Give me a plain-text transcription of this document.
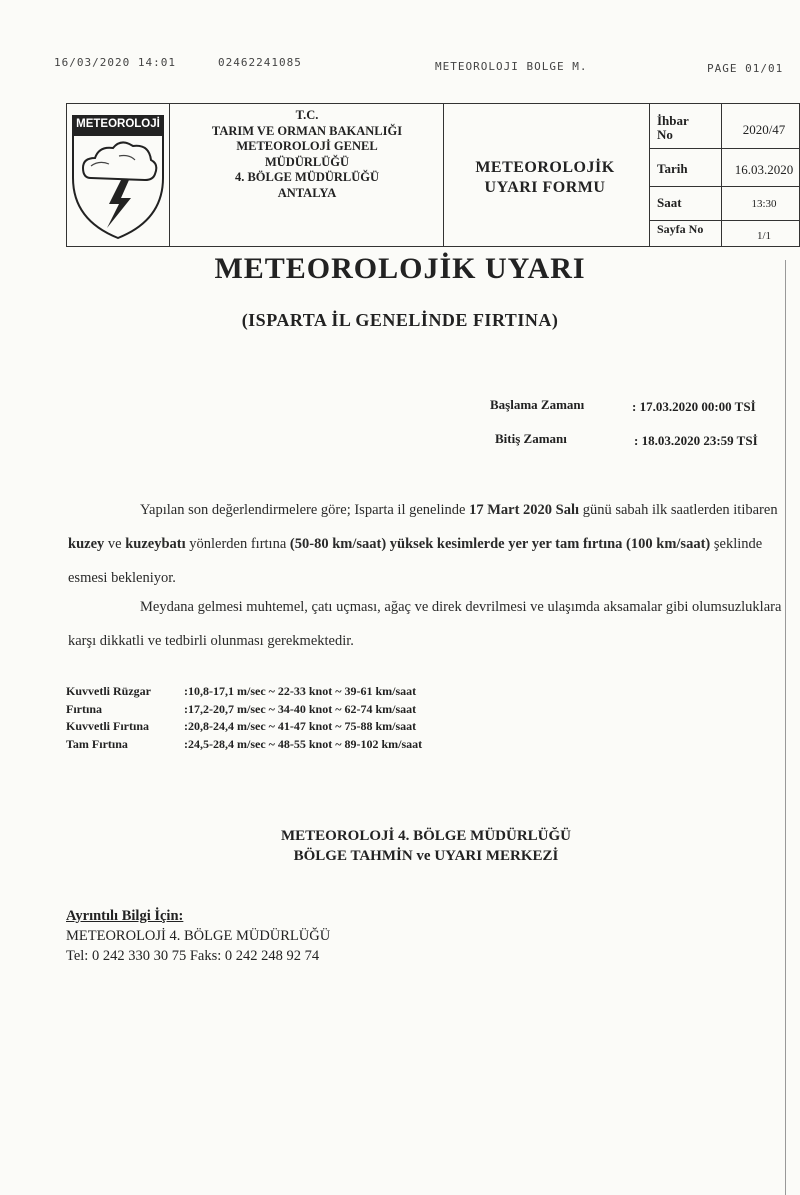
16/03/2020 14:01	02462241085	METEOROLOJI BOLGE M.	PAGE 01/01
METEOROLOJİ
T.C.
TARIM VE ORMAN BAKANLIĞI
METEOROLOJİ GENEL
MÜDÜRLÜĞÜ
4. BÖLGE MÜDÜRLÜĞÜ
ANTALYA
METEOROLOJİK
UYARI FORMU
İhbar No	2020/47
Tarih	16.03.2020
Saat	13:30
Sayfa No	1/1
METEOROLOJİK UYARI
(ISPARTA İL GENELİNDE FIRTINA)
Başlama Zamanı	: 17.03.2020 00:00 TSİ
Bitiş Zamanı	: 18.03.2020 23:59 TSİ
Yapılan son değerlendirmelere göre; Isparta il genelinde 17 Mart 2020 Salı günü sabah ilk saatlerden itibaren kuzey ve kuzeybatı yönlerden fırtına (50-80 km/saat) yüksek kesimlerde yer yer tam fırtına (100 km/saat) şeklinde esmesi bekleniyor.
Meydana gelmesi muhtemel, çatı uçması, ağaç ve direk devrilmesi ve ulaşımda aksamalar gibi olumsuzluklara karşı dikkatli ve tedbirli olunması gerekmektedir.
Kuvvetli Rüzgar	:10,8-17,1 m/sec ~ 22-33 knot ~ 39-61 km/saat
Fırtına	:17,2-20,7 m/sec ~ 34-40 knot ~ 62-74 km/saat
Kuvvetli Fırtına	:20,8-24,4 m/sec ~ 41-47 knot ~ 75-88 km/saat
Tam Fırtına	:24,5-28,4 m/sec ~ 48-55 knot ~ 89-102 km/saat
METEOROLOJİ 4. BÖLGE MÜDÜRLÜĞÜ
BÖLGE TAHMİN ve UYARI MERKEZİ
Ayrıntılı Bilgi İçin:
METEOROLOJİ 4. BÖLGE MÜDÜRLÜĞÜ
Tel: 0 242 330 30 75 Faks: 0 242 248 92 74
